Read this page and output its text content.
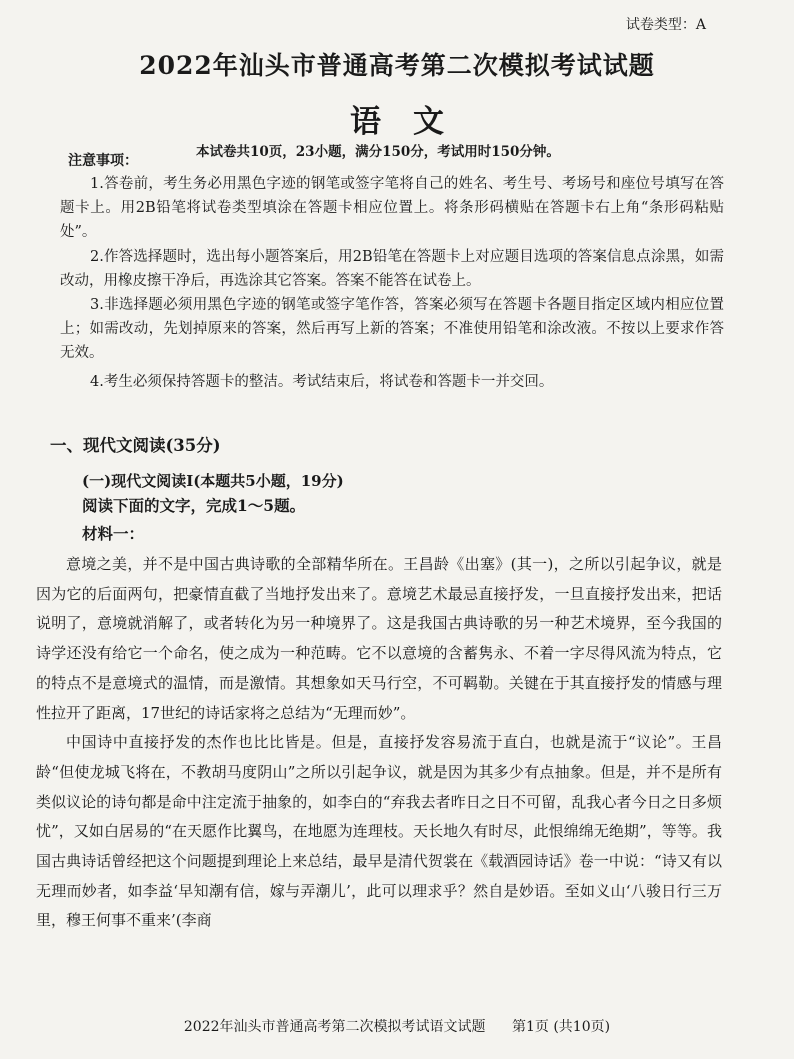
试卷类型：A
2022年汕头市普通高考第二次模拟考试试题
语文
本试卷共10页，23小题，满分150分，考试用时150分钟。
注意事项：

1.答卷前，考生务必用黑色字迹的钢笔或签字笔将自己的姓名、考生号、考场号和座位号填写在答题卡上。用2B铅笔将试卷类型填涂在答题卡相应位置上。将条形码横贴在答题卡右上角“条形码粘贴处”。

2.作答选择题时，选出每小题答案后，用2B铅笔在答题卡上对应题目选项的答案信息点涂黑，如需改动，用橡皮擦干净后，再选涂其它答案。答案不能答在试卷上。

3.非选择题必须用黑色字迹的钢笔或签字笔作答，答案必须写在答题卡各题目指定区域内相应位置上；如需改动，先划掉原来的答案，然后再写上新的答案；不准使用铅笔和涂改液。不按以上要求作答无效。

4.考生必须保持答题卡的整洁。考试结束后，将试卷和答题卡一并交回。

一、现代文阅读(35分)
(一)现代文阅读Ⅰ(本题共5小题，19分)
阅读下面的文字，完成1～5题。
材料一：

意境之美，并不是中国古典诗歌的全部精华所在。王昌龄《出塞》(其一)，之所以引起争议，就是因为它的后面两句，把豪情直截了当地抒发出来了。意境艺术最忌直接抒发，一旦直接抒发出来，把话说明了，意境就消解了，或者转化为另一种境界了。这是我国古典诗歌的另一种艺术境界，至今我国的诗学还没有给它一个命名，使之成为一种范畴。它不以意境的含蓄隽永、不着一字尽得风流为特点，它的特点不是意境式的温情，而是激情。其想象如天马行空，不可羁勒。关键在于其直接抒发的情感与理性拉开了距离，17世纪的诗话家将之总结为“无理而妙”。

中国诗中直接抒发的杰作也比比皆是。但是，直接抒发容易流于直白，也就是流于“议论”。王昌龄“但使龙城飞将在，不教胡马度阴山”之所以引起争议，就是因为其多少有点抽象。但是，并不是所有类似议论的诗句都是命中注定流于抽象的，如李白的“弃我去者昨日之日不可留，乱我心者今日之日多烦忧”，又如白居易的“在天愿作比翼鸟，在地愿为连理枝。天长地久有时尽，此恨绵绵无绝期”，等等。我国古典诗话曾经把这个问题提到理论上来总结，最早是清代贺裳在《载酒园诗话》卷一中说：“诗又有以无理而妙者，如李益‘早知潮有信，嫁与弄潮儿’，此可以理求乎？然自是妙语。至如义山‘八骏日行三万里，穆王何事不重来’(李商

2022年汕头市普通高考第二次模拟考试语文试题 第1页 (共10页)
